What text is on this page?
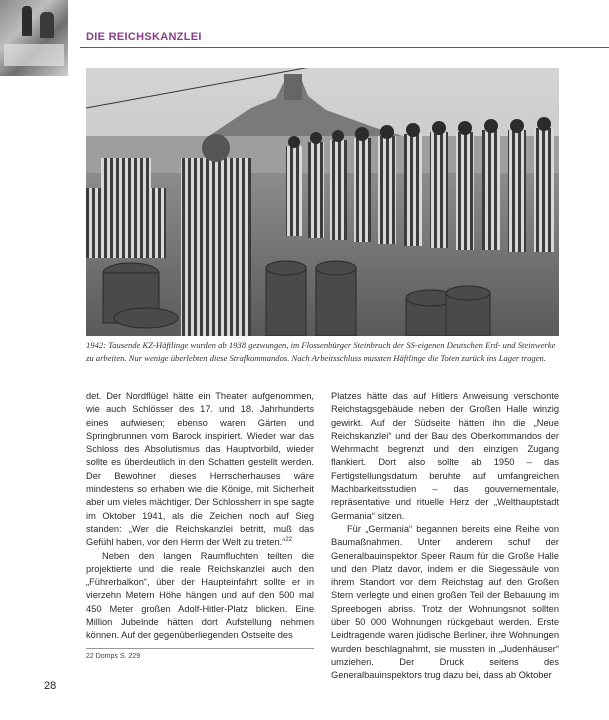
DIE REICHSKANZLEI
1942: Tausende KZ-Häftlinge wurden ab 1938 gezwungen, im Flossenbürger Steinbruch der SS-eigenen Deutschen Erd- und Steinwerke zu arbeiten. Nur wenige überlebten diese Strafkommandos. Nach Arbeitsschluss mussten Häftlinge die Toten zurück ins Lager tragen.

det. Der Nordflügel hätte ein Theater aufgenommen, wie auch Schlösser des 17. und 18. Jahrhunderts eines aufwiesen; ebenso waren Gärten und Springbrunnen vom Barock inspiriert. Wieder war das Schloss des Absolutismus das Hauptvorbild, wieder sollte es überdeutlich in den Schatten gestellt werden. Der Bewohner dieses Herrscherhauses wäre mindestens so erhaben wie die Könige, mit Sicherheit aber um vieles mächtiger. Der Schlossherr in spe sagte im Oktober 1941, als die Zeichen noch auf Sieg standen: „Wer die Reichskanzlei betritt, muß das Gefühl haben, vor den Herrn der Welt zu treten.“$^{22}$

Neben den langen Raumfluchten teilten die projektierte und die reale Reichskanzlei auch den „Führerbalkon“, über der Haupteinfahrt sollte er in vierzehn Metern Höhe hängen und auf den 500 mal 450 Meter großen Adolf-Hitler-Platz blicken. Eine Million Jubelnde hätten dort Aufstellung nehmen können. Auf der gegenüberliegenden Ostseite des

Platzes hätte das auf Hitlers Anweisung verschonte Reichstagsgebäude neben der Großen Halle winzig gewirkt. Auf der Südseite hätten ihn die „Neue Reichskanzlei“ und der Bau des Oberkommandos der Wehrmacht begrenzt und den einzigen Zugang flankiert. Dort also sollte ab 1950 – das Fertigstellungsdatum beruhte auf umfangreichen Machbarkeitsstudien – das gouvernementale, repräsentative und rituelle Herz der „Welthauptstadt Germania“ sitzen.

Für „Germania“ begannen bereits eine Reihe von Baumaßnahmen. Unter anderem schuf der Generalbauinspektor Speer Raum für die Große Halle und den Platz davor, indem er die Siegessäule von ihrem Standort vor dem Reichstag auf den Großen Stern verlegte und einen großen Teil der Bebauung im Spreebogen abriss. Trotz der Wohnungsnot sollten über 50 000 Wohnungen rückgebaut werden. Erste Leidtragende waren jüdische Berliner, ihre Wohnungen wurden beschlagnahmt, sie mussten in „Judenhäuser“ umziehen. Der Druck seitens des Generalbauinspektors trug dazu bei, dass ab Oktober

22 Domps S. 229
28
